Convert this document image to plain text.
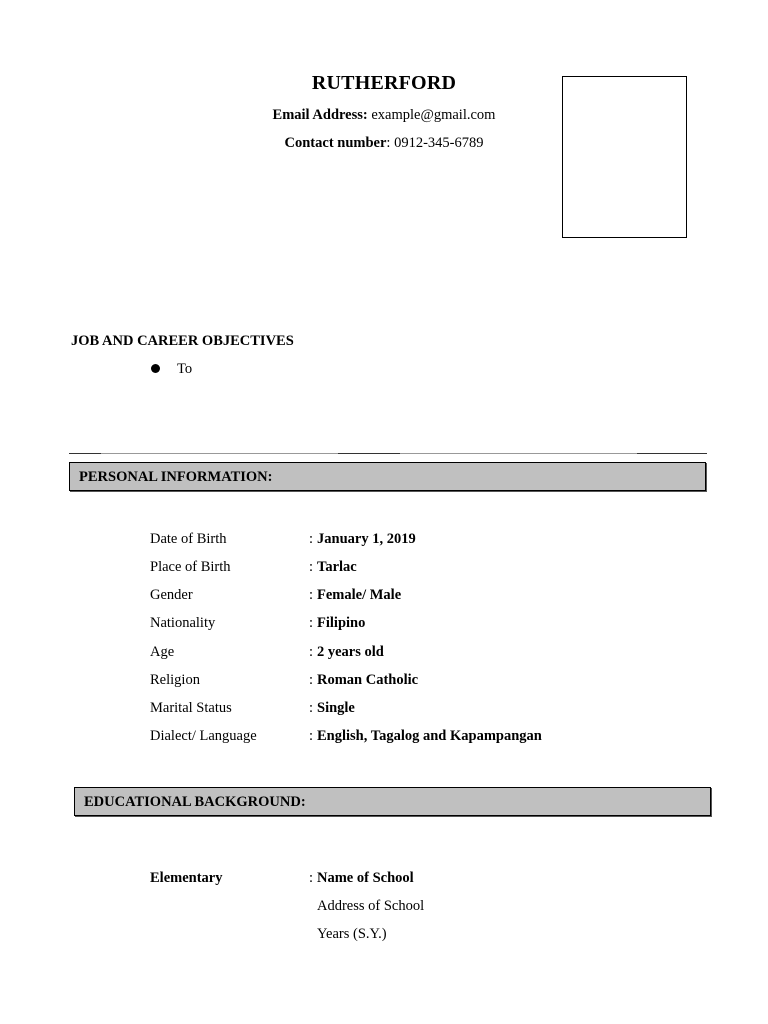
RUTHERFORD
Email Address: example@gmail.com
Contact number: 0912-345-6789
JOB AND CAREER OBJECTIVES
To
PERSONAL INFORMATION:
Date of Birth	: January 1, 2019
Place of Birth	: Tarlac
Gender	: Female/ Male
Nationality	: Filipino
Age	: 2 years old
Religion	: Roman Catholic
Marital Status	: Single
Dialect/ Language	: English, Tagalog and Kapampangan
EDUCATIONAL BACKGROUND:
Elementary	: Name of School
Address of School
Years (S.Y.)
